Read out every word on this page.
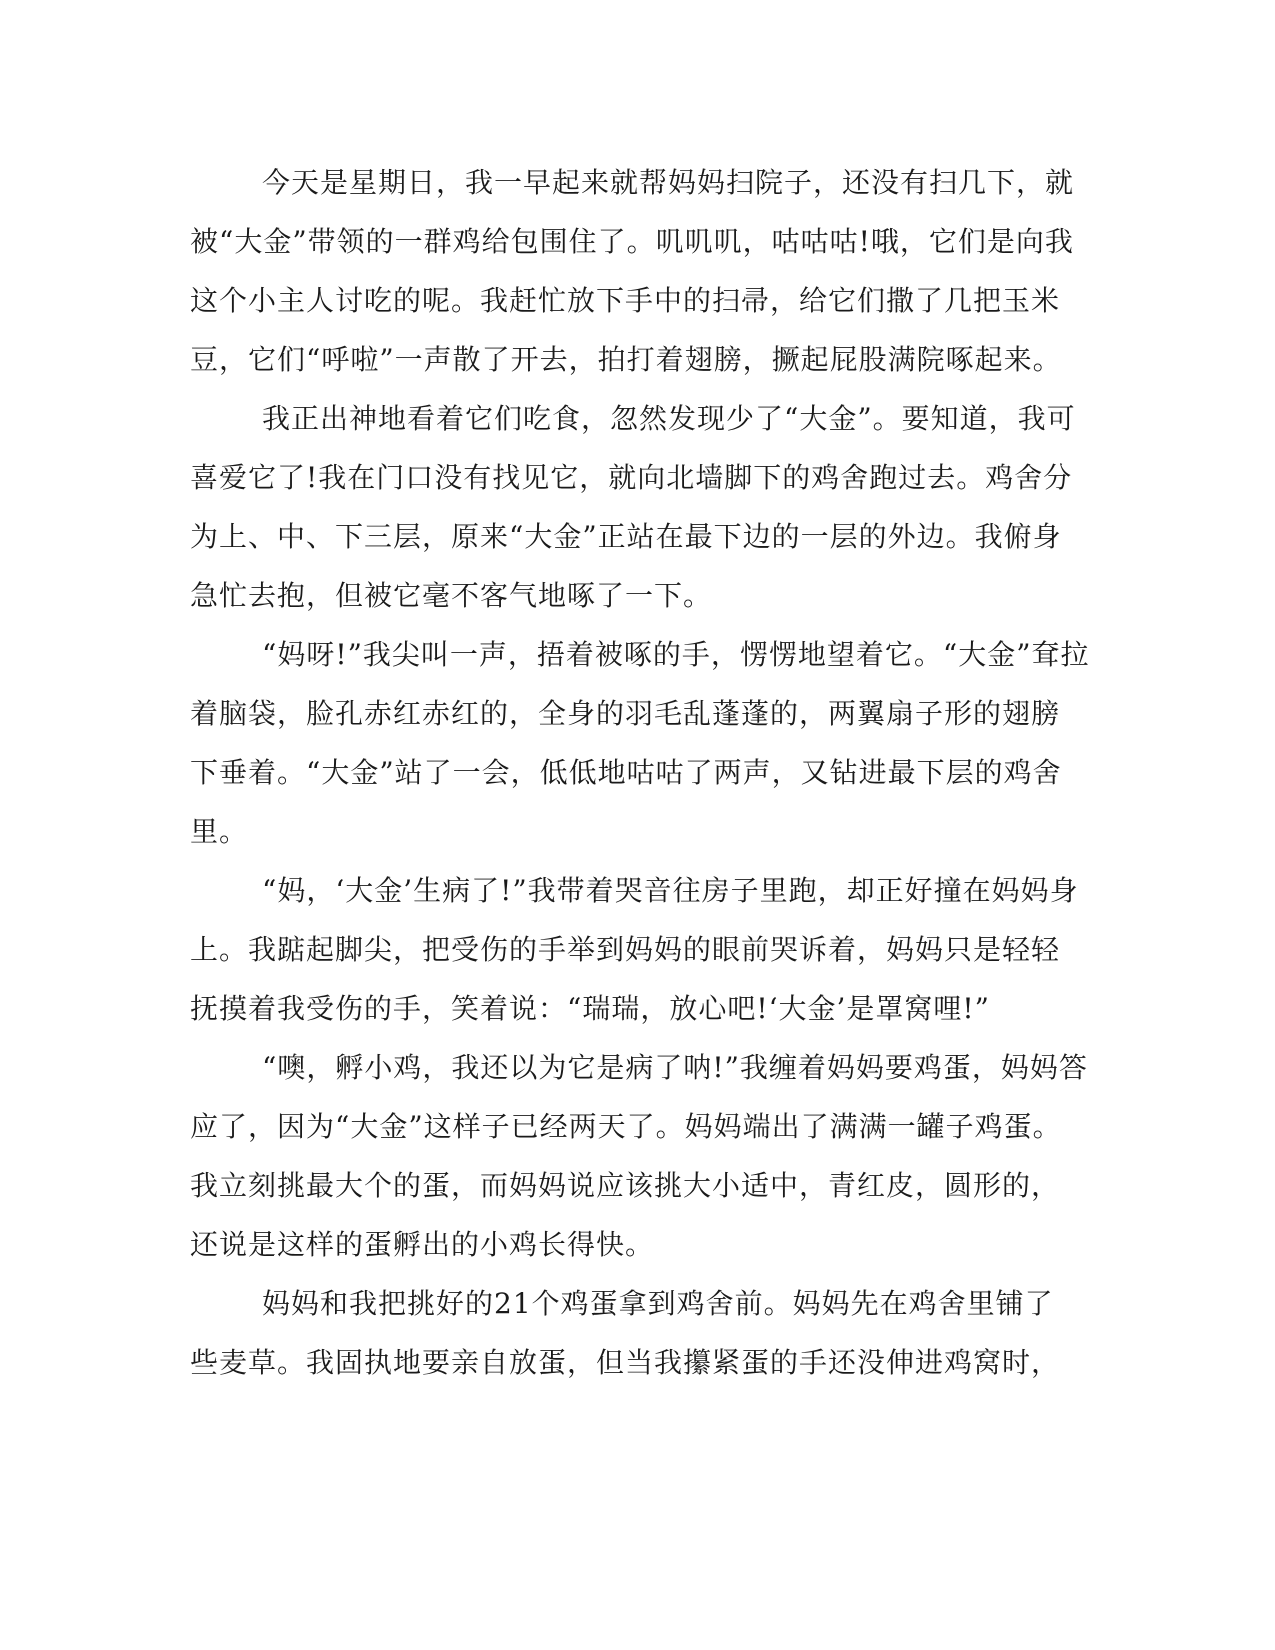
今天是星期日，我一早起来就帮妈妈扫院子，还没有扫几下，就
被“大金”带领的一群鸡给包围住了。叽叽叽，咕咕咕!哦，它们是向我
这个小主人讨吃的呢。我赶忙放下手中的扫帚，给它们撒了几把玉米
豆，它们“呼啦”一声散了开去，拍打着翅膀，撅起屁股满院啄起来。
我正出神地看着它们吃食，忽然发现少了“大金”。要知道，我可
喜爱它了!我在门口没有找见它，就向北墙脚下的鸡舍跑过去。鸡舍分
为上、中、下三层，原来“大金”正站在最下边的一层的外边。我俯身
急忙去抱，但被它毫不客气地啄了一下。
“妈呀!”我尖叫一声，捂着被啄的手，愣愣地望着它。“大金”耷拉
着脑袋，脸孔赤红赤红的，全身的羽毛乱蓬蓬的，两翼扇子形的翅膀
下垂着。“大金”站了一会，低低地咕咕了两声，又钻进最下层的鸡舍
里。
“妈，‘大金’生病了!”我带着哭音往房子里跑，却正好撞在妈妈身
上。我踮起脚尖，把受伤的手举到妈妈的眼前哭诉着，妈妈只是轻轻
抚摸着我受伤的手，笑着说：“瑞瑞，放心吧!‘大金’是罩窝哩!”
“噢，孵小鸡，我还以为它是病了呐!”我缠着妈妈要鸡蛋，妈妈答
应了，因为“大金”这样子已经两天了。妈妈端出了满满一罐子鸡蛋。
我立刻挑最大个的蛋，而妈妈说应该挑大小适中，青红皮，圆形的，
还说是这样的蛋孵出的小鸡长得快。
妈妈和我把挑好的21个鸡蛋拿到鸡舍前。妈妈先在鸡舍里铺了
些麦草。我固执地要亲自放蛋，但当我攥紧蛋的手还没伸进鸡窝时，
